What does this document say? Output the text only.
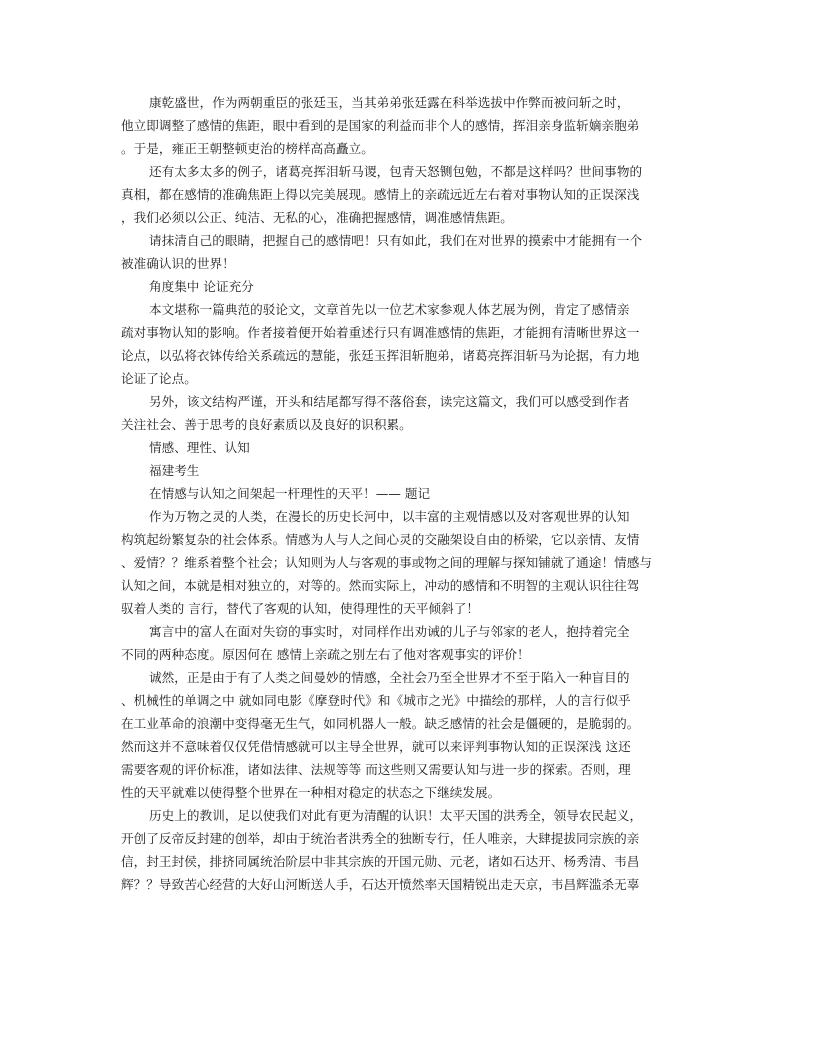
康乾盛世，作为两朝重臣的张廷玉，当其弟弟张廷露在科举选拔中作弊而被问斩之时，
他立即调整了感情的焦距，眼中看到的是国家的利益而非个人的感情，挥泪亲身监斩嫡亲胞弟
。于是，雍正王朝整顿吏治的榜样高高矗立。

还有太多太多的例子，诸葛亮挥泪斩马谡，包青天怒铡包勉，不都是这样吗？世间事物的
真相，都在感情的准确焦距上得以完美展现。感情上的亲疏远近左右着对事物认知的正误深浅
，我们必须以公正、纯洁、无私的心，准确把握感情，调准感情焦距。

请抹清自己的眼睛，把握自己的感情吧！只有如此，我们在对世界的摸索中才能拥有一个
被准确认识的世界！

角度集中 论证充分

本文堪称一篇典范的驳论文，文章首先以一位艺术家参观人体艺展为例，肯定了感情亲
疏对事物认知的影响。作者接着便开始着重述行只有调准感情的焦距，才能拥有清晰世界这一
论点，以弘将衣钵传给关系疏远的慧能，张廷玉挥泪斩胞弟，诸葛亮挥泪斩马为论据，有力地
论证了论点。

另外，该文结构严谨，开头和结尾都写得不落俗套，读完这篇文，我们可以感受到作者
关注社会、善于思考的良好素质以及良好的识积累。

情感、理性、认知

福建考生

在情感与认知之间架起一杆理性的天平！—— 题记

作为万物之灵的人类，在漫长的历史长河中，以丰富的主观情感以及对客观世界的认知
构筑起纷繁复杂的社会体系。情感为人与人之间心灵的交融架设自由的桥梁，它以亲情、友情
、爱情？？维系着整个社会；认知则为人与客观的事或物之间的理解与探知铺就了通途！情感与
认知之间，本就是相对独立的，对等的。然而实际上，冲动的感情和不明智的主观认识往往驾
驭着人类的 言行，替代了客观的认知，使得理性的天平倾斜了！

寓言中的富人在面对失窃的事实时，对同样作出劝诫的儿子与邻家的老人，抱持着完全
不同的两种态度。原因何在 感情上亲疏之别左右了他对客观事实的评价！

诚然，正是由于有了人类之间曼妙的情感，全社会乃至全世界才不至于陷入一种盲目的
、机械性的单调之中 就如同电影《摩登时代》和《城市之光》中描绘的那样，人的言行似乎
在工业革命的浪潮中变得毫无生气，如同机器人一般。缺乏感情的社会是僵硬的，是脆弱的。
然而这并不意味着仅仅凭借情感就可以主导全世界，就可以来评判事物认知的正误深浅 这还
需要客观的评价标准，诸如法律、法规等等 而这些则又需要认知与进一步的探索。否则，理
性的天平就难以使得整个世界在一种相对稳定的状态之下继续发展。

历史上的教训，足以使我们对此有更为清醒的认识！太平天国的洪秀全，领导农民起义，
开创了反帝反封建的创举，却由于统治者洪秀全的独断专行，任人唯亲，大肆提拔同宗族的亲
信，封王封侯，排挤同属统治阶层中非其宗族的开国元勋、元老，诸如石达开、杨秀清、韦昌
辉？？导致苦心经营的大好山河断送人手，石达开愤然率天国精锐出走天京，韦昌辉滥杀无辜
